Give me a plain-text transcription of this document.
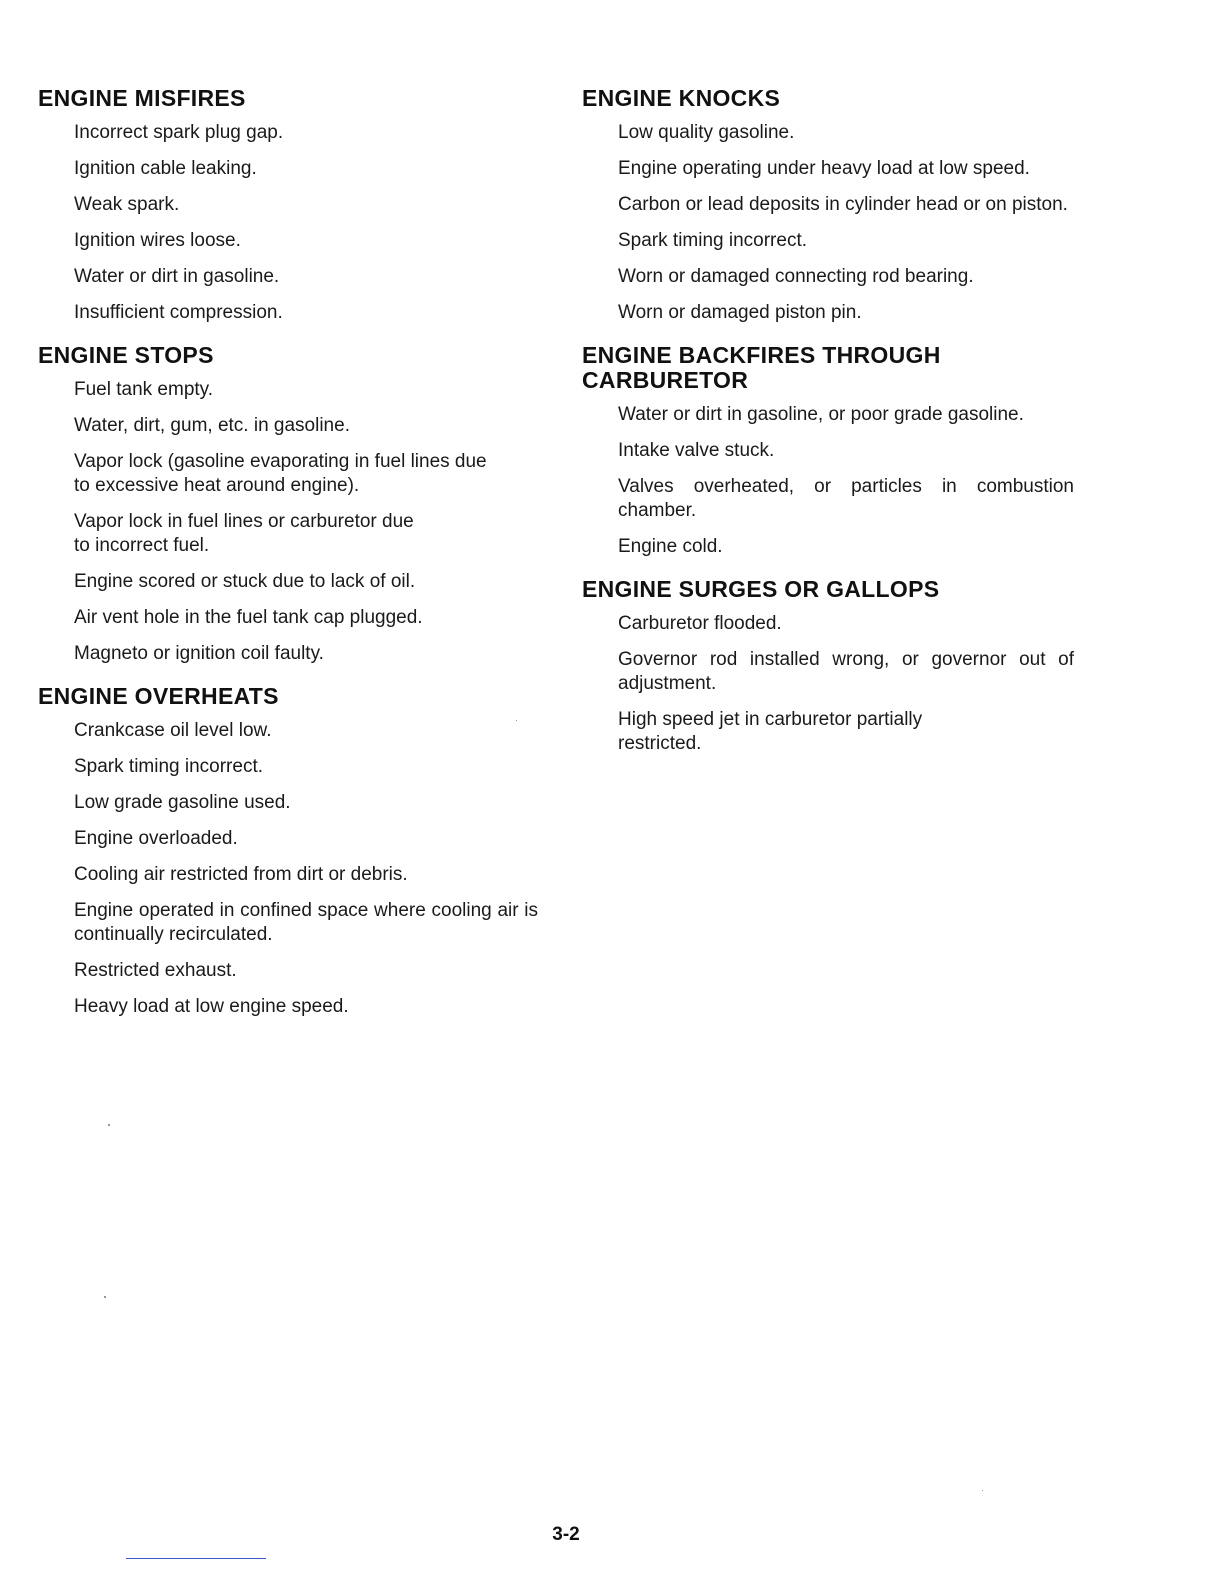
ENGINE MISFIRES
Incorrect spark plug gap.
Ignition cable leaking.
Weak spark.
Ignition wires loose.
Water or dirt in gasoline.
Insufficient compression.
ENGINE STOPS
Fuel tank empty.
Water, dirt, gum, etc. in gasoline.
Vapor lock (gasoline evaporating in fuel lines due to excessive heat around engine).
Vapor lock in fuel lines or carburetor due to incorrect fuel.
Engine scored or stuck due to lack of oil.
Air vent hole in the fuel tank cap plugged.
Magneto or ignition coil faulty.
ENGINE OVERHEATS
Crankcase oil level low.
Spark timing incorrect.
Low grade gasoline used.
Engine overloaded.
Cooling air restricted from dirt or debris.
Engine operated in confined space where cooling air is continually recirculated.
Restricted exhaust.
Heavy load at low engine speed.
ENGINE KNOCKS
Low quality gasoline.
Engine operating under heavy load at low speed.
Carbon or lead deposits in cylinder head or on piston.
Spark timing incorrect.
Worn or damaged connecting rod bearing.
Worn or damaged piston pin.
ENGINE BACKFIRES THROUGH CARBURETOR
Water or dirt in gasoline, or poor grade gasoline.
Intake valve stuck.
Valves overheated, or particles in combustion chamber.
Engine cold.
ENGINE SURGES OR GALLOPS
Carburetor flooded.
Governor rod installed wrong, or governor out of adjustment.
High speed jet in carburetor partially restricted.
3-2
